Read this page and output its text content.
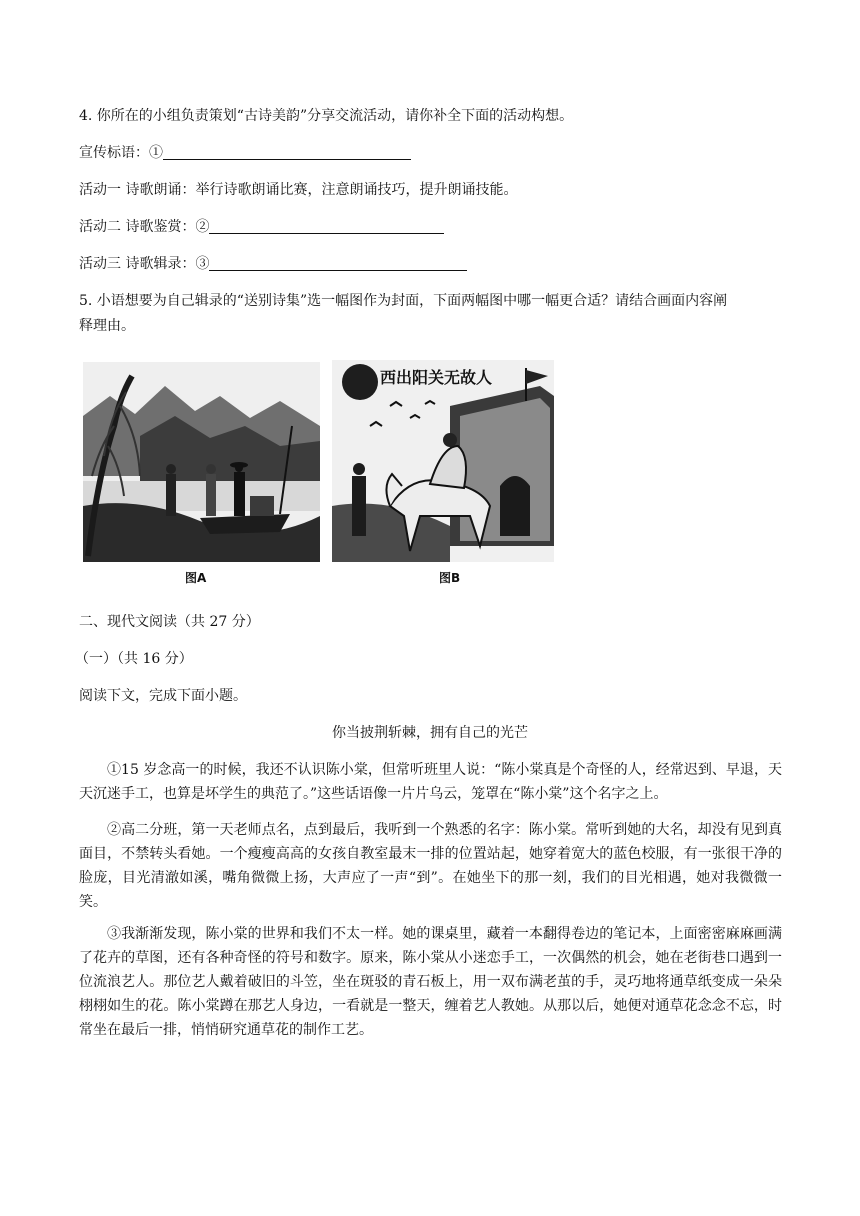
4. 你所在的小组负责策划“古诗美韵”分享交流活动，请你补全下面的活动构想。
宣传标语：①
活动一 诗歌朗诵：举行诗歌朗诵比赛，注意朗诵技巧，提升朗诵技能。
活动二 诗歌鉴赏：②
活动三 诗歌辑录：③
5. 小语想要为自己辑录的“送别诗集”选一幅图作为封面，下面两幅图中哪一幅更合适？请结合画面内容阐
释理由。
图A
西出阳关无故人
图B
二、现代文阅读（共 27 分）
（一）（共 16 分）
阅读下文，完成下面小题。
你当披荆斩棘，拥有自己的光芒

①15 岁念高一的时候，我还不认识陈小棠，但常听班里人说：“陈小棠真是个奇怪的人，经常迟到、早退，天天沉迷手工，也算是坏学生的典范了。”这些话语像一片片乌云，笼罩在“陈小棠”这个名字之上。

②高二分班，第一天老师点名，点到最后，我听到一个熟悉的名字：陈小棠。常听到她的大名，却没有见到真面目，不禁转头看她。一个瘦瘦高高的女孩自教室最末一排的位置站起，她穿着宽大的蓝色校服，有一张很干净的脸庞，目光清澈如溪，嘴角微微上扬，大声应了一声“到”。在她坐下的那一刻，我们的目光相遇，她对我微微一笑。

③我渐渐发现，陈小棠的世界和我们不太一样。她的课桌里，藏着一本翻得卷边的笔记本，上面密密麻麻画满了花卉的草图，还有各种奇怪的符号和数字。原来，陈小棠从小迷恋手工，一次偶然的机会，她在老街巷口遇到一位流浪艺人。那位艺人戴着破旧的斗笠，坐在斑驳的青石板上，用一双布满老茧的手，灵巧地将通草纸变成一朵朵栩栩如生的花。陈小棠蹲在那艺人身边，一看就是一整天，缠着艺人教她。从那以后，她便对通草花念念不忘，时常坐在最后一排，悄悄研究通草花的制作工艺。
